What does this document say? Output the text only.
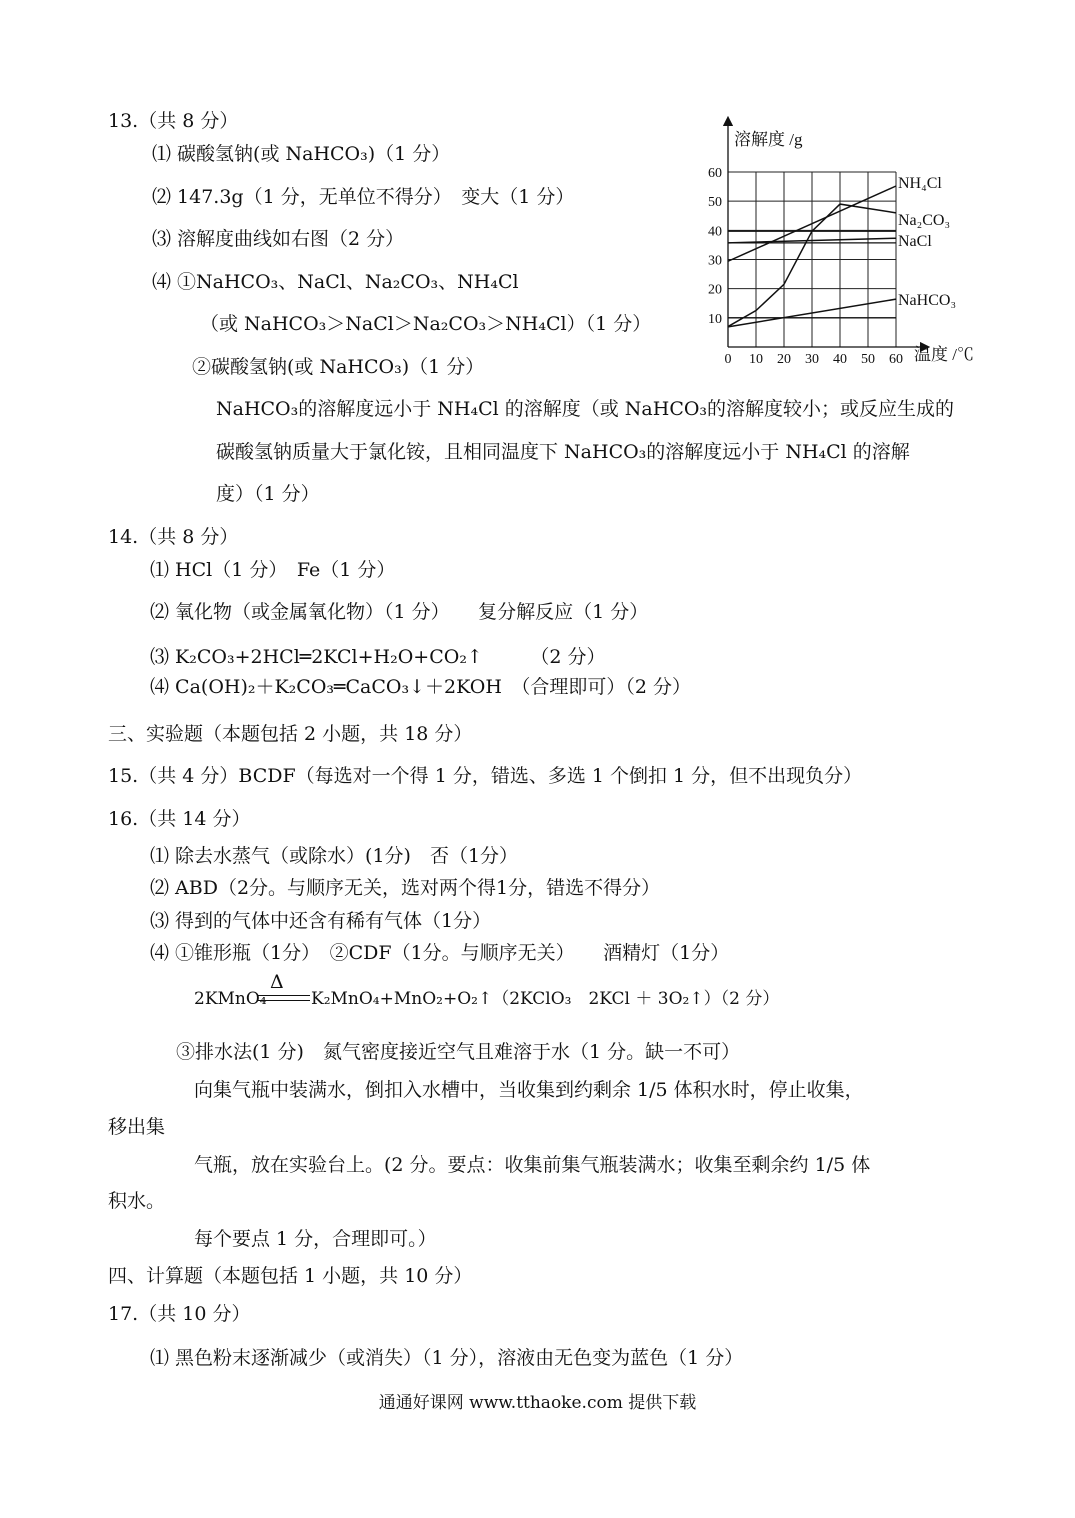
13.（共 8 分）
⑴ 碳酸氢钠(或 NaHCO₃)（1 分）
⑵ 147.3g（1 分，无单位不得分）　变大（1 分）
⑶ 溶解度曲线如右图（2 分）
⑷ ①NaHCO₃、NaCl、Na₂CO₃、NH₄Cl
（或 NaHCO₃＞NaCl＞Na₂CO₃＞NH₄Cl）（1 分）
②碳酸氢钠(或 NaHCO₃)（1 分）
NaHCO₃的溶解度远小于 NH₄Cl 的溶解度（或 NaHCO₃的溶解度较小；或反应生成的
碳酸氢钠质量大于氯化铵，且相同温度下 NaHCO₃的溶解度远小于 NH₄Cl 的溶解
度）（1 分）
0 10 20 30 40 50 60
10
20
30
40
50
60
溶解度 /g
温度 /℃
NH₄Cl
Na₂CO₃
NaCl
NaHCO₃
14.（共 8 分）
⑴ HCl（1 分）　Fe（1 分）
⑵ 氧化物（或金属氧化物）（1 分）　　复分解反应（1 分）
⑶ K₂CO₃+2HCl═2KCl+H₂O+CO₂↑　　　（2 分）
⑷ Ca(OH)₂＋K₂CO₃═CaCO₃↓＋2KOH　（合理即可）（2 分）
三、实验题（本题包括 2 小题，共 18 分）
15.（共 4 分）BCDF（每选对一个得 1 分，错选、多选 1 个倒扣 1 分，但不出现负分）
16.（共 14 分）
⑴ 除去水蒸气（或除水）(1分)　否（1分）
⑵ ABD（2分。与顺序无关，选对两个得1分，错选不得分）
⑶ 得到的气体中还含有稀有气体（1分）
⑷ ①锥形瓶（1分）　②CDF（1分。与顺序无关）　　酒精灯（1分）
2KMnO₄
Δ
K₂MnO₄+MnO₂+O₂↑（2KClO₃　2KCl ＋ 3O₂↑）（2 分）
③排水法(1 分)　氮气密度接近空气且难溶于水（1 分。缺一不可）
向集气瓶中装满水，倒扣入水槽中，当收集到约剩余 1/5 体积水时，停止收集，
移出集
气瓶，放在实验台上。(2 分。要点：收集前集气瓶装满水；收集至剩余约 1/5 体
积水。
每个要点 1 分，合理即可。）
四、计算题（本题包括 1 小题，共 10 分）
17.（共 10 分）
⑴ 黑色粉末逐渐减少（或消失）（1 分），溶液由无色变为蓝色（1 分）
通通好课网 www.tthaoke.com 提供下载
